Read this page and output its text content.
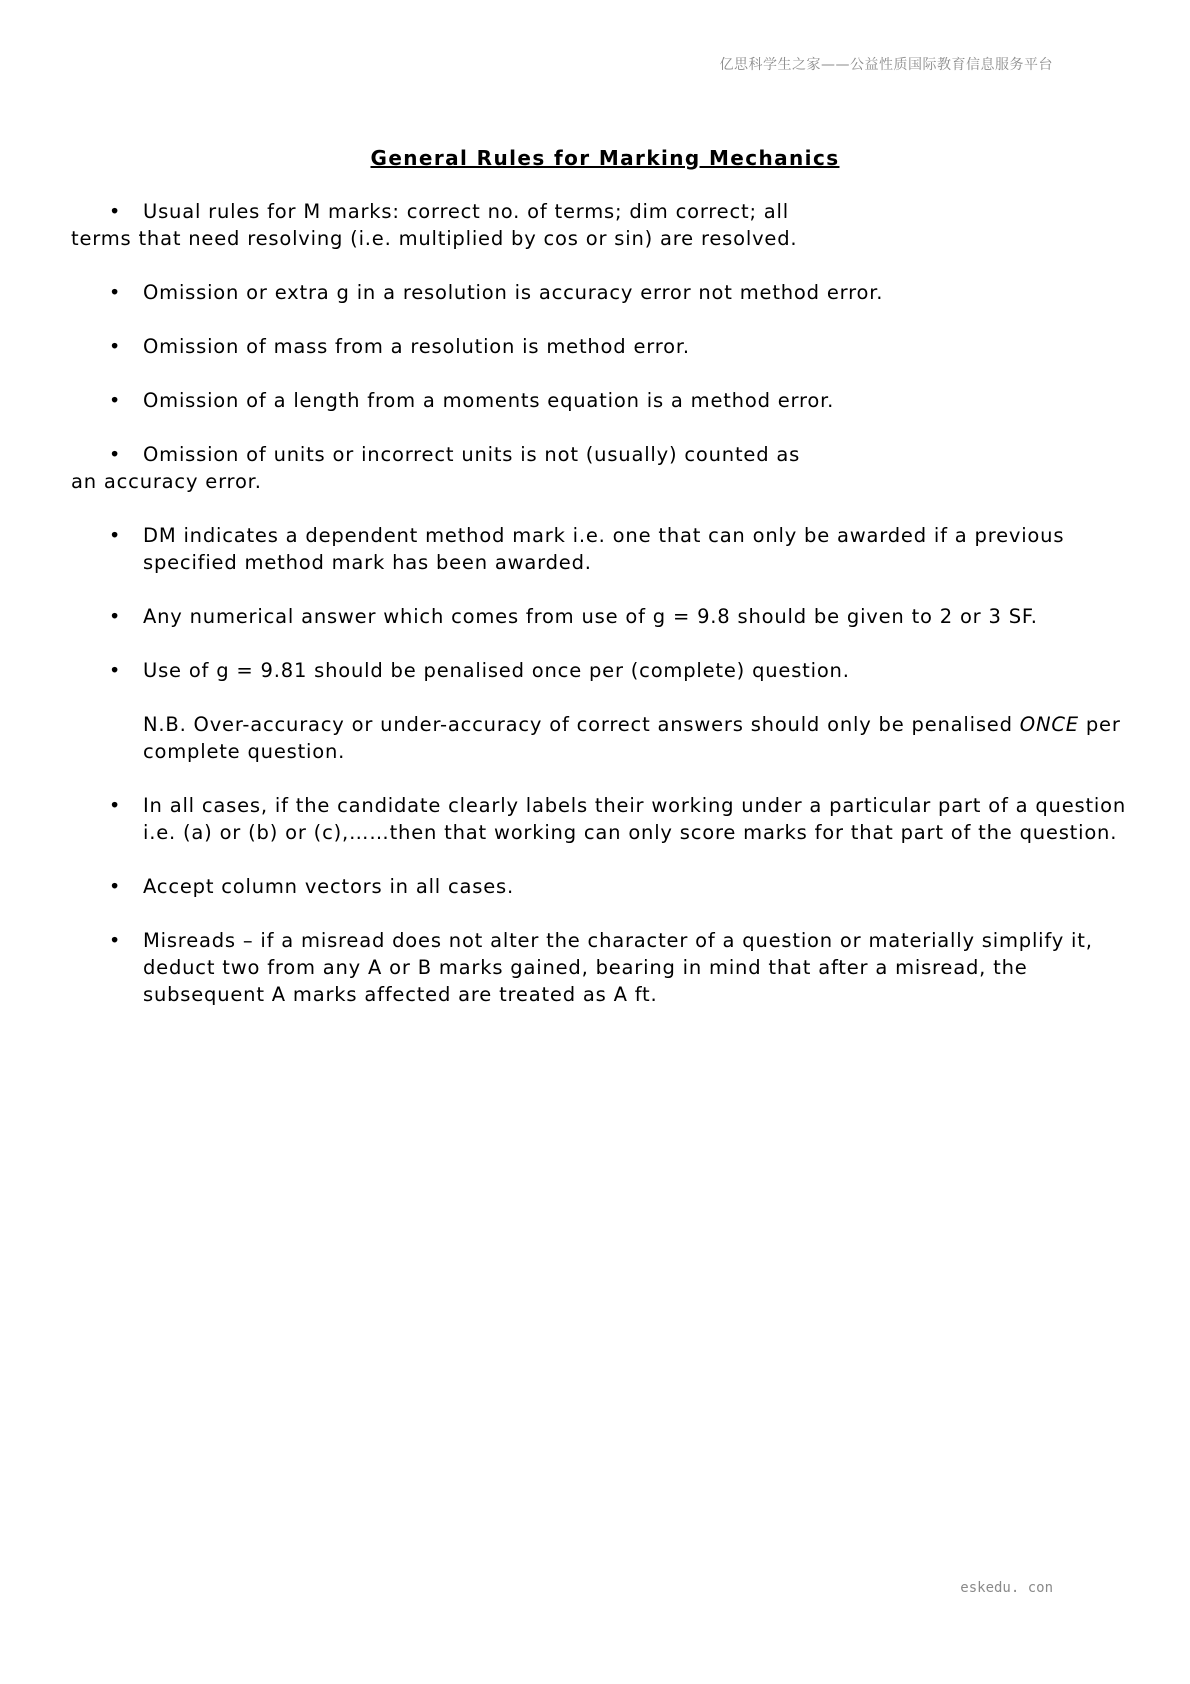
亿思科学生之家——公益性质国际教育信息服务平台
General Rules for Marking Mechanics
• Usual rules for M marks: correct no. of terms; dim correct; all terms that need resolving (i.e. multiplied by cos or sin) are resolved.
• Omission or extra g in a resolution is accuracy error not method error.
• Omission of mass from a resolution is method error.
• Omission of a length from a moments equation is a method error.
• Omission of units or incorrect units is not (usually) counted as an accuracy error.
• DM indicates a dependent method mark i.e. one that can only be awarded if a previous specified method mark has been awarded.
• Any numerical answer which comes from use of g = 9.8 should be given to 2 or 3 SF.
• Use of g = 9.81 should be penalised once per (complete) question.
N.B. Over-accuracy or under-accuracy of correct answers should only be penalised ONCE per complete question.
• In all cases, if the candidate clearly labels their working under a particular part of a question i.e. (a) or (b) or (c),……then that working can only score marks for that part of the question.
• Accept column vectors in all cases.
• Misreads – if a misread does not alter the character of a question or materially simplify it, deduct two from any A or B marks gained, bearing in mind that after a misread, the subsequent A marks affected are treated as A ft.
eskedu. con
